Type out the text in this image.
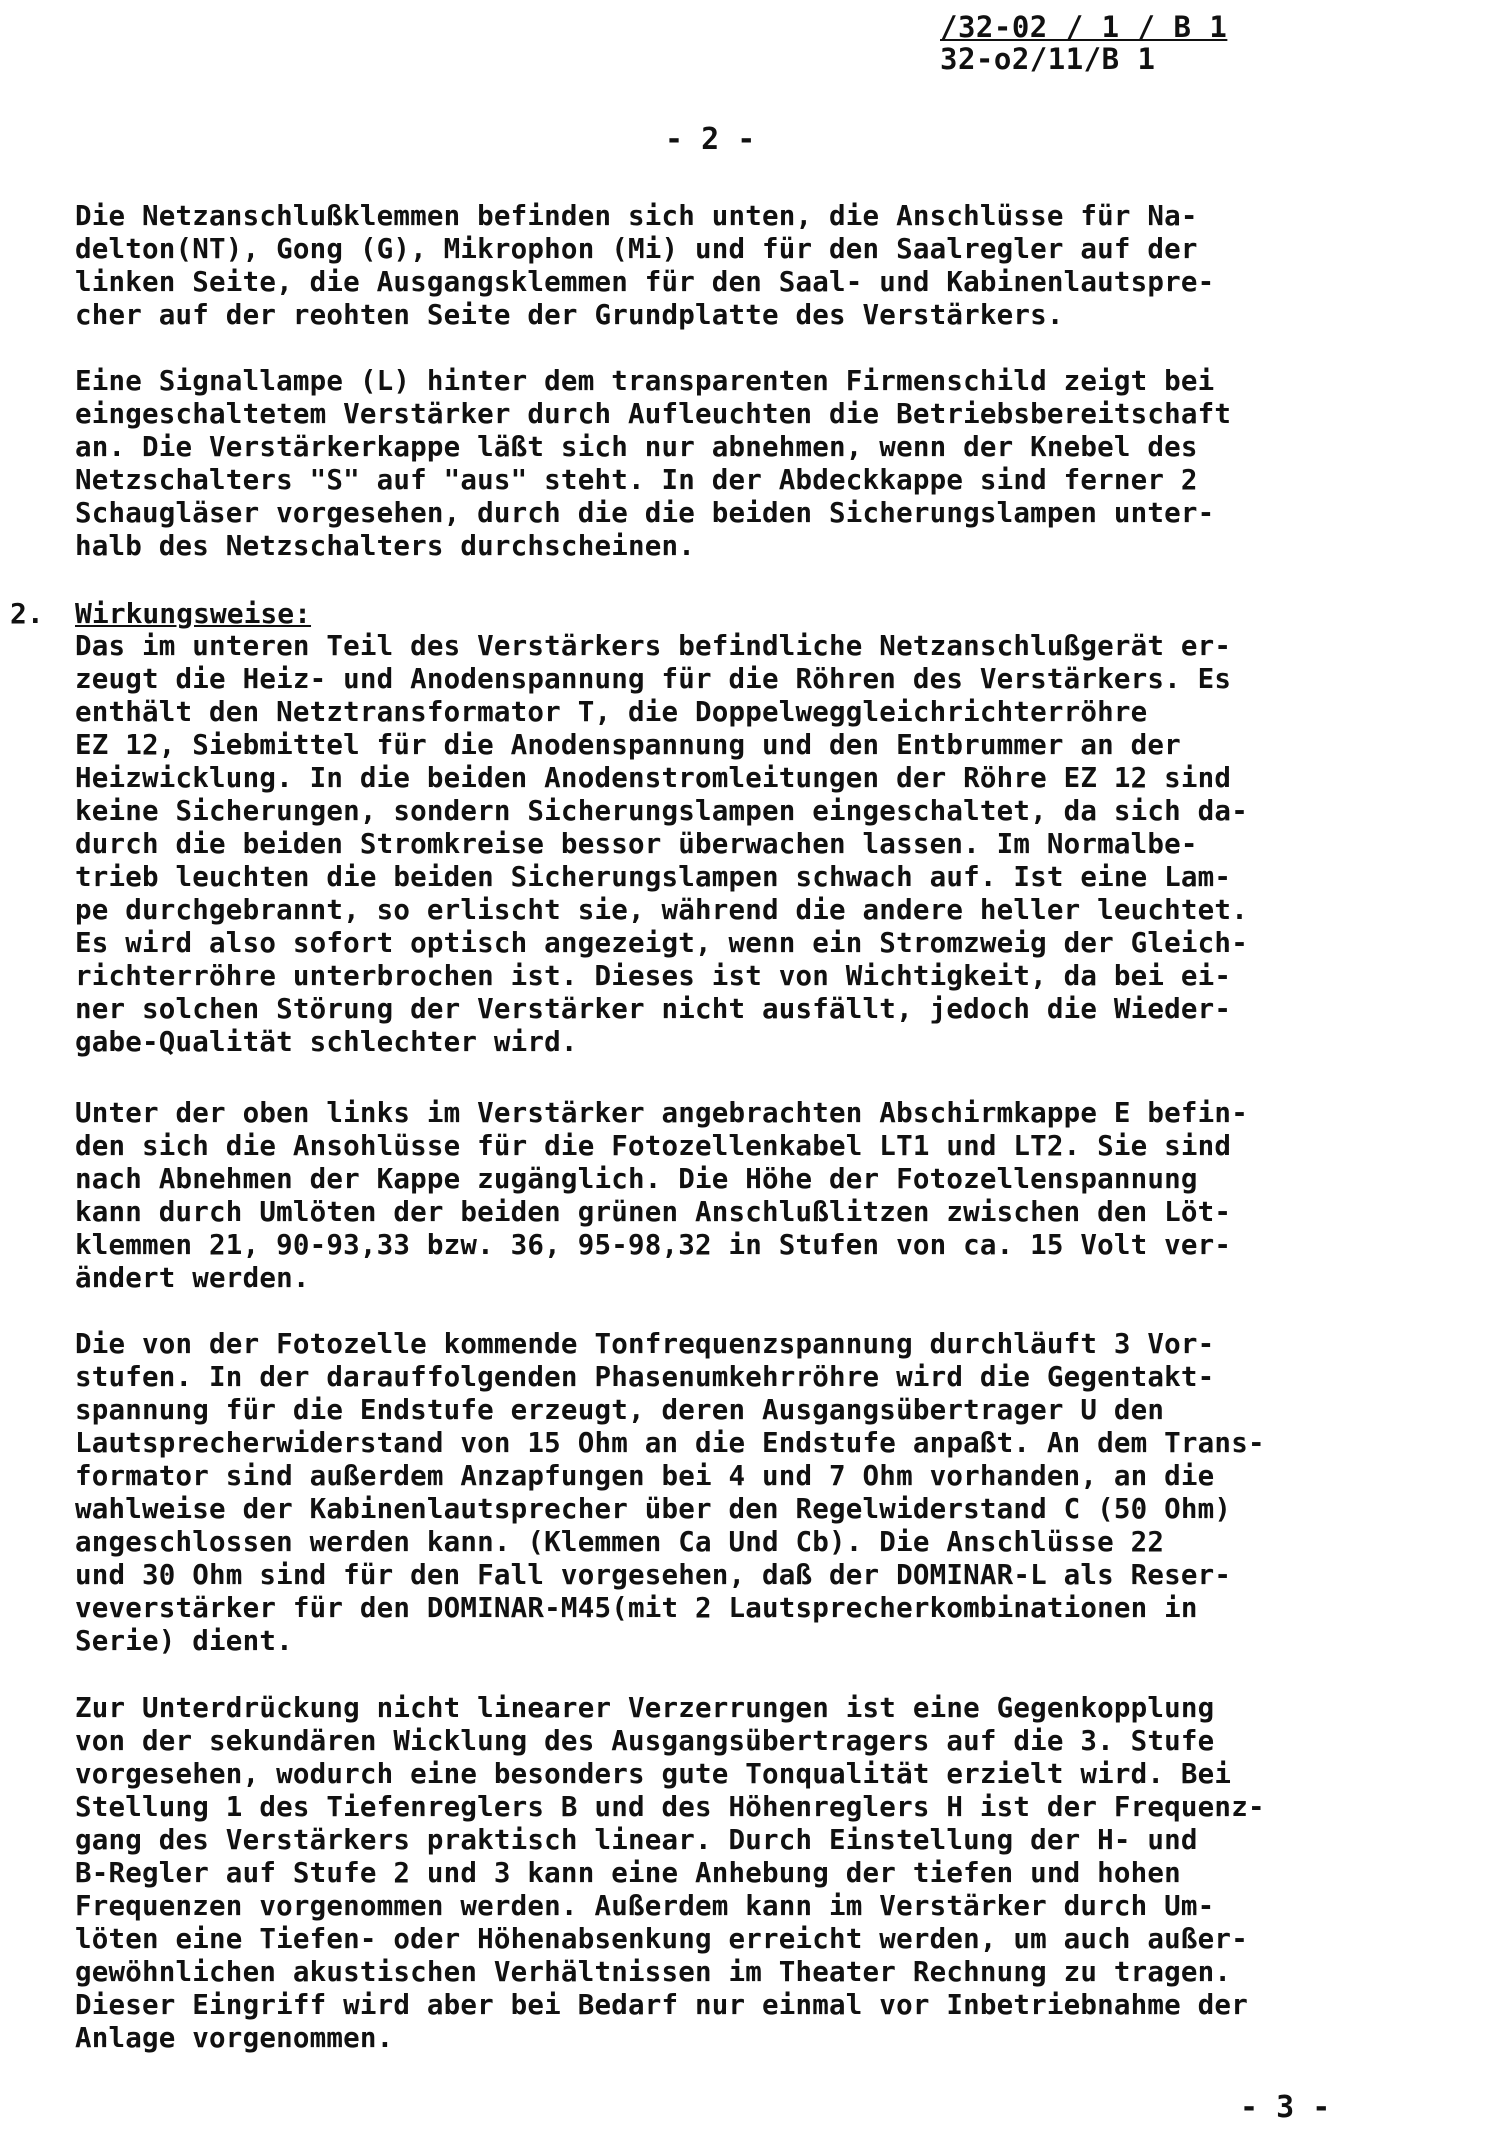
/32-02 / 1 / B 1
32-o2/11/B 1
- 2 -

Die Netzanschlußklemmen befinden sich unten, die Anschlüsse für Na-

delton(NT), Gong (G), Mikrophon (Mi) und für den Saalregler auf der

linken Seite, die Ausgangsklemmen für den Saal- und Kabinenlautspre-

cher auf der reohten Seite der Grundplatte des Verstärkers.

Eine Signallampe (L) hinter dem transparenten Firmenschild zeigt bei

eingeschaltetem Verstärker durch Aufleuchten die Betriebsbereitschaft

an. Die Verstärkerkappe läßt sich nur abnehmen, wenn der Knebel des

Netzschalters "S" auf "aus" steht. In der Abdeckkappe sind ferner 2

Schaugläser vorgesehen, durch die die beiden Sicherungslampen unter-

halb des Netzschalters durchscheinen.

2. Wirkungsweise:

Das im unteren Teil des Verstärkers befindliche Netzanschlußgerät er-

zeugt die Heiz- und Anodenspannung für die Röhren des Verstärkers. Es

enthält den Netztransformator T, die Doppelweggleichrichterröhre

EZ 12, Siebmittel für die Anodenspannung und den Entbrummer an der

Heizwicklung. In die beiden Anodenstromleitungen der Röhre EZ 12 sind

keine Sicherungen, sondern Sicherungslampen eingeschaltet, da sich da-

durch die beiden Stromkreise bessor überwachen lassen. Im Normalbe-

trieb leuchten die beiden Sicherungslampen schwach auf. Ist eine Lam-

pe durchgebrannt, so erlischt sie, während die andere heller leuchtet.

Es wird also sofort optisch angezeigt, wenn ein Stromzweig der Gleich-

richterröhre unterbrochen ist. Dieses ist von Wichtigkeit, da bei ei-

ner solchen Störung der Verstärker nicht ausfällt, jedoch die Wieder-

gabe-Qualität schlechter wird.

Unter der oben links im Verstärker angebrachten Abschirmkappe E befin-

den sich die Ansohlüsse für die Fotozellenkabel LT1 und LT2. Sie sind

nach Abnehmen der Kappe zugänglich. Die Höhe der Fotozellenspannung

kann durch Umlöten der beiden grünen Anschlußlitzen zwischen den Löt-

klemmen 21, 90-93,33 bzw. 36, 95-98,32 in Stufen von ca. 15 Volt ver-

ändert werden.

Die von der Fotozelle kommende Tonfrequenzspannung durchläuft 3 Vor-

stufen. In der darauffolgenden Phasenumkehrröhre wird die Gegentakt-

spannung für die Endstufe erzeugt, deren Ausgangsübertrager U den

Lautsprecherwiderstand von 15 Ohm an die Endstufe anpaßt. An dem Trans-

formator sind außerdem Anzapfungen bei 4 und 7 Ohm vorhanden, an die

wahlweise der Kabinenlautsprecher über den Regelwiderstand C (50 Ohm)

angeschlossen werden kann. (Klemmen Ca Und Cb). Die Anschlüsse 22

und 30 Ohm sind für den Fall vorgesehen, daß der DOMINAR-L als Reser-

veverstärker für den DOMINAR-M45(mit 2 Lautsprecherkombinationen in

Serie) dient.

Zur Unterdrückung nicht linearer Verzerrungen ist eine Gegenkopplung

von der sekundären Wicklung des Ausgangsübertragers auf die 3. Stufe

vorgesehen, wodurch eine besonders gute Tonqualität erzielt wird. Bei

Stellung 1 des Tiefenreglers B und des Höhenreglers H ist der Frequenz-

gang des Verstärkers praktisch linear. Durch Einstellung der H- und

B-Regler auf Stufe 2 und 3 kann eine Anhebung der tiefen und hohen

Frequenzen vorgenommen werden. Außerdem kann im Verstärker durch Um-

löten eine Tiefen- oder Höhenabsenkung erreicht werden, um auch außer-

gewöhnlichen akustischen Verhältnissen im Theater Rechnung zu tragen.

Dieser Eingriff wird aber bei Bedarf nur einmal vor Inbetriebnahme der

Anlage vorgenommen.

- 3 -
